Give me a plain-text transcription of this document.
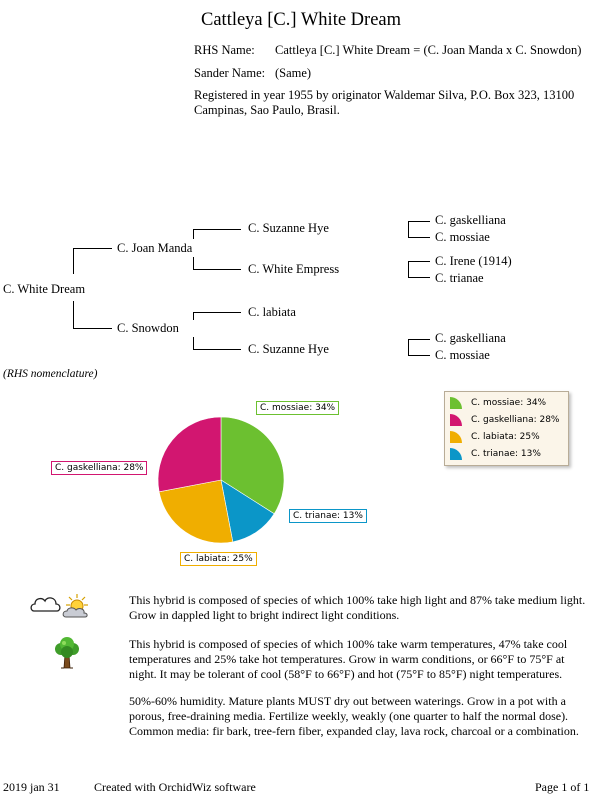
Cattleya [C.] White Dream
RHS Name: Cattleya [C.] White Dream = (C. Joan Manda x C. Snowdon)
Sander Name: (Same)
Registered in year 1955 by originator Waldemar Silva, P.O. Box 323, 13100 Campinas, Sao Paulo, Brasil.
C. White Dream
C. Joan Manda
C. Snowdon
C. Suzanne Hye
C. White Empress
C. labiata
C. Suzanne Hye
C. gaskelliana
C. mossiae
C. Irene (1914)
C. trianae
C. gaskelliana
C. mossiae
(RHS nomenclature)
C. mossiae: 34%
C. trianae: 13%
C. labiata: 25%
C. gaskelliana: 28%
C. mossiae: 34%
C. gaskelliana: 28%
C. labiata: 25%
C. trianae: 13%
This hybrid is composed of species of which 100% take high light and 87% take medium light. Grow in dappled light to bright indirect light conditions.
This hybrid is composed of species of which 100% take warm temperatures, 47% take cool temperatures and 25% take hot temperatures. Grow in warm conditions, or 66°F to 75°F at night. It may be tolerant of cool (58°F to 66°F) and hot (75°F to 85°F) night temperatures.
50%-60% humidity. Mature plants MUST dry out between waterings. Grow in a pot with a porous, free-draining media. Fertilize weekly, weakly (one quarter to half the normal dose). Common media: fir bark, tree-fern fiber, expanded clay, lava rock, charcoal or a combination.
2019 jan 31	Created with OrchidWiz software	Page 1 of 1
